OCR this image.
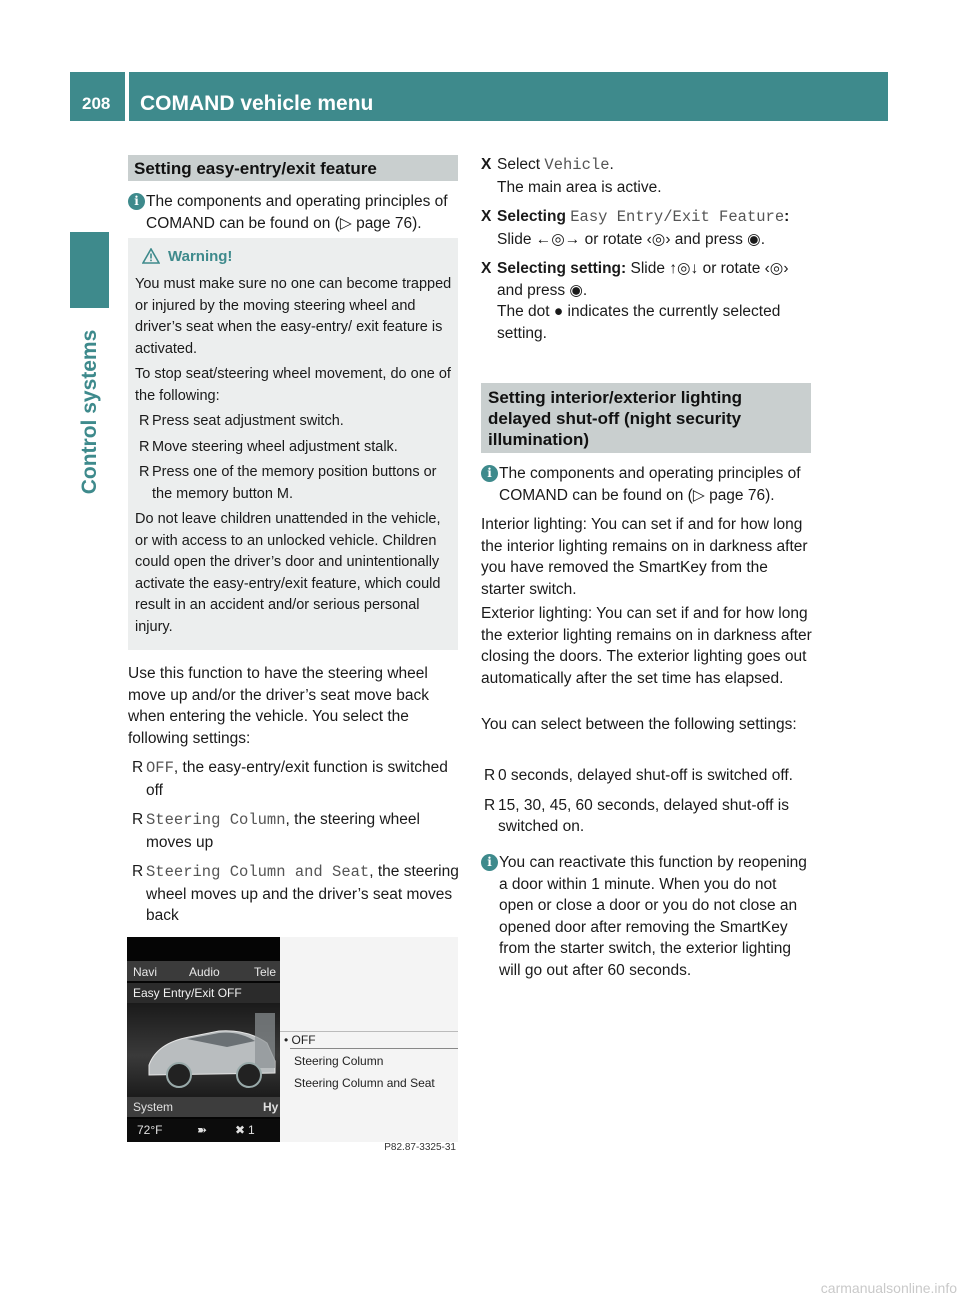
208 COMAND vehicle menu
Control systems
Setting easy-entry/exit feature
i The components and operating principles of COMAND can be found on (▷ page 76).
Warning!

You must make sure no one can become trapped or injured by the moving steering wheel and driver’s seat when the easy-entry/ exit feature is activated.

To stop seat/steering wheel movement, do one of the following:

R Press seat adjustment switch.

R Move steering wheel adjustment stalk.

R Press one of the memory position buttons or the memory button M.

Do not leave children unattended in the vehicle, or with access to an unlocked vehicle. Children could open the driver’s door and unintentionally activate the easy-entry/exit feature, which could result in an accident and/or serious personal injury.

Use this function to have the steering wheel move up and/or the driver’s seat move back when entering the vehicle. You select the following settings:
R OFF, the easy-entry/exit function is switched off
R Steering Column, the steering wheel moves up
R Steering Column and Seat, the steering wheel moves up and the driver’s seat moves back
Navi	Audio	Tele
Easy Entry/Exit OFF
System	Hy
72°F	➽ ✖ 1
• OFF
Steering Column
Steering Column and Seat
P82.87-3325-31
X Select Vehicle.
The main area is active.
X Selecting Easy Entry/Exit Feature:
Slide ←◎→ or rotate ‹◎› and press ◉.
X Selecting setting: Slide ↑◎↓ or rotate ‹◎› and press ◉.
The dot ● indicates the currently selected setting.
Setting interior/exterior lighting delayed shut-off (night security illumination)
i The components and operating principles of COMAND can be found on (▷ page 76).
Interior lighting: You can set if and for how long the interior lighting remains on in darkness after you have removed the SmartKey from the starter switch.
Exterior lighting: You can set if and for how long the exterior lighting remains on in darkness after closing the doors. The exterior lighting goes out automatically after the set time has elapsed.
You can select between the following settings:
R 0 seconds, delayed shut-off is switched off.
R 15, 30, 45, 60 seconds, delayed shut-off is switched on.
i You can reactivate this function by reopening a door within 1 minute. When you do not open or close a door or you do not close an opened door after removing the SmartKey from the starter switch, the exterior lighting will go out after 60 seconds.
carmanualsonline.info
